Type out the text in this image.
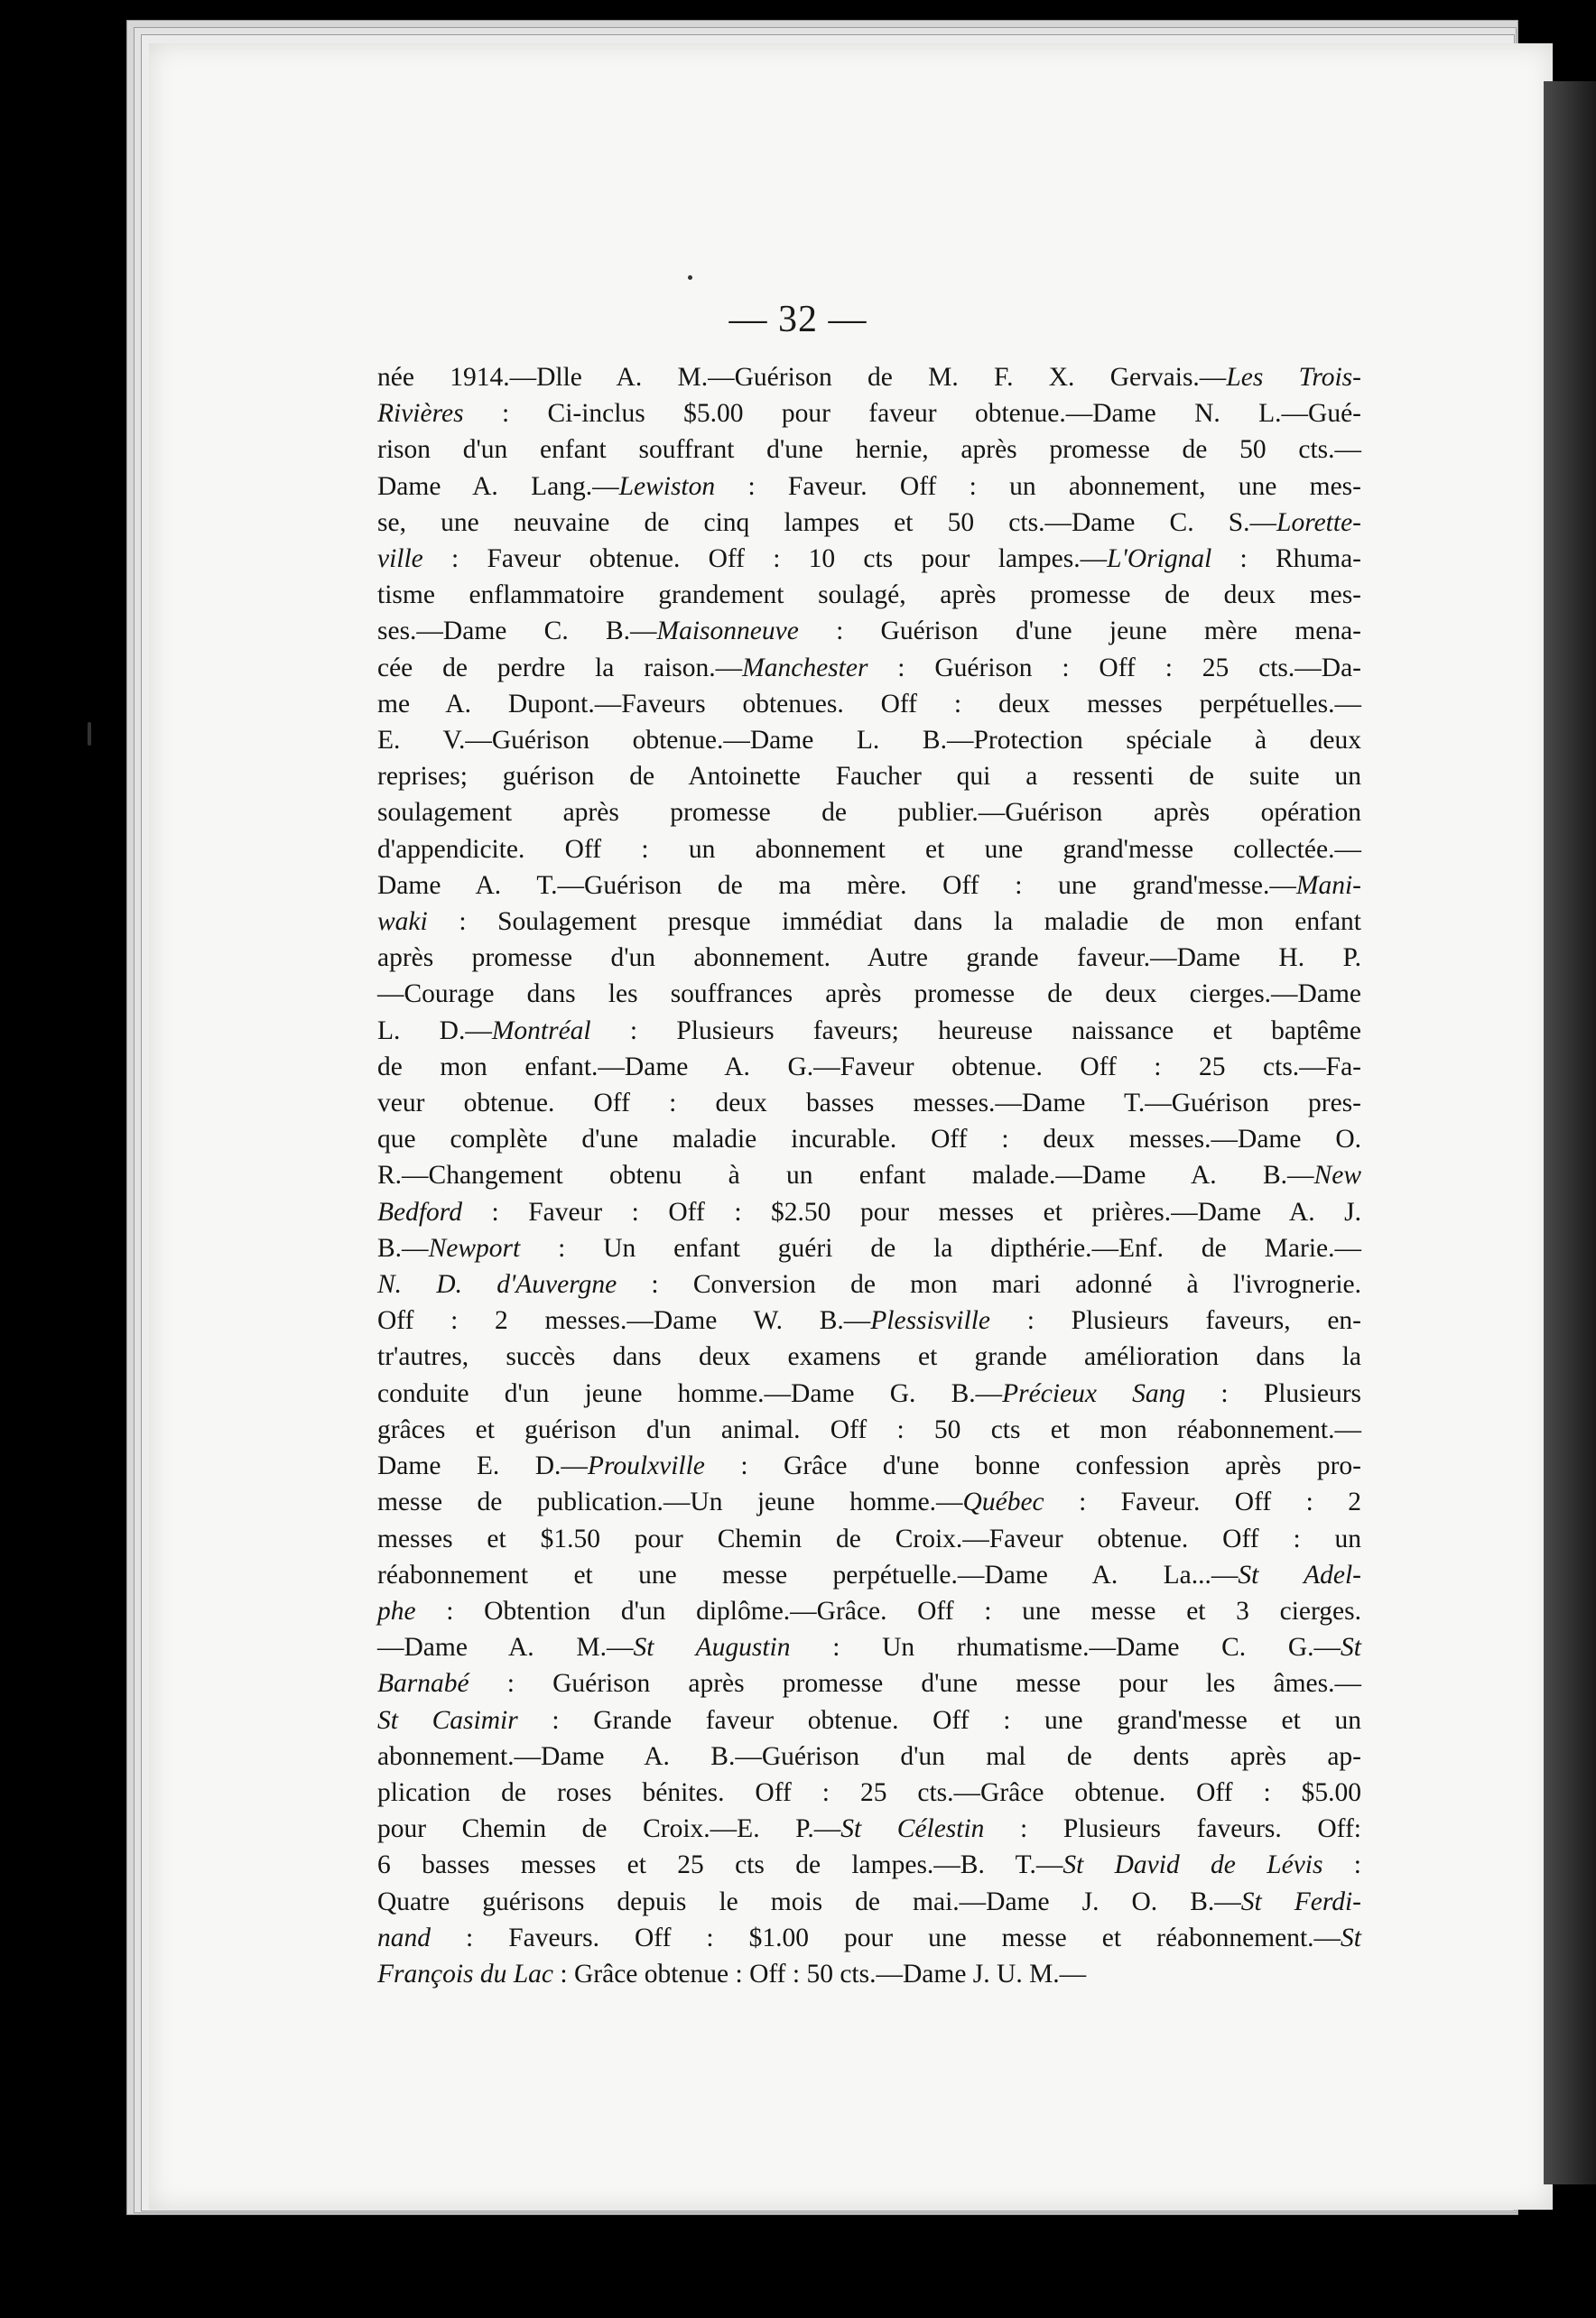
— 32 —
née 1914.—Dlle A. M.—Guérison de M. F. X. Gervais.—Les Trois-
Rivières : Ci-inclus $5.00 pour faveur obtenue.—Dame N. L.—Gué-
rison d'un enfant souffrant d'une hernie, après promesse de 50 cts.—
Dame A. Lang.—Lewiston : Faveur. Off : un abonnement, une mes-
se, une neuvaine de cinq lampes et 50 cts.—Dame C. S.—Lorette-
ville : Faveur obtenue. Off : 10 cts pour lampes.—L'Orignal : Rhuma-
tisme enflammatoire grandement soulagé, après promesse de deux mes-
ses.—Dame C. B.—Maisonneuve : Guérison d'une jeune mère mena-
cée de perdre la raison.—Manchester : Guérison : Off : 25 cts.—Da-
me A. Dupont.—Faveurs obtenues. Off : deux messes perpétuelles.—
E. V.—Guérison obtenue.—Dame L. B.—Protection spéciale à deux
reprises; guérison de Antoinette Faucher qui a ressenti de suite un
soulagement après promesse de publier.—Guérison après opération
d'appendicite. Off : un abonnement et une grand'messe collectée.—
Dame A. T.—Guérison de ma mère. Off : une grand'messe.—Mani-
waki : Soulagement presque immédiat dans la maladie de mon enfant
après promesse d'un abonnement. Autre grande faveur.—Dame H. P.
—Courage dans les souffrances après promesse de deux cierges.—Dame
L. D.—Montréal : Plusieurs faveurs; heureuse naissance et baptême
de mon enfant.—Dame A. G.—Faveur obtenue. Off : 25 cts.—Fa-
veur obtenue. Off : deux basses messes.—Dame T.—Guérison pres-
que complète d'une maladie incurable. Off : deux messes.—Dame O.
R.—Changement obtenu à un enfant malade.—Dame A. B.—New
Bedford : Faveur : Off : $2.50 pour messes et prières.—Dame A. J.
B.—Newport : Un enfant guéri de la dipthérie.—Enf. de Marie.—
N. D. d'Auvergne : Conversion de mon mari adonné à l'ivrognerie.
Off : 2 messes.—Dame W. B.—Plessisville : Plusieurs faveurs, en-
tr'autres, succès dans deux examens et grande amélioration dans la
conduite d'un jeune homme.—Dame G. B.—Précieux Sang : Plusieurs
grâces et guérison d'un animal. Off : 50 cts et mon réabonnement.—
Dame E. D.—Proulxville : Grâce d'une bonne confession après pro-
messe de publication.—Un jeune homme.—Québec : Faveur. Off : 2
messes et $1.50 pour Chemin de Croix.—Faveur obtenue. Off : un
réabonnement et une messe perpétuelle.—Dame A. La...—St Adel-
phe : Obtention d'un diplôme.—Grâce. Off : une messe et 3 cierges.
—Dame A. M.—St Augustin : Un rhumatisme.—Dame C. G.—St
Barnabé : Guérison après promesse d'une messe pour les âmes.—
St Casimir : Grande faveur obtenue. Off : une grand'messe et un
abonnement.—Dame A. B.—Guérison d'un mal de dents après ap-
plication de roses bénites. Off : 25 cts.—Grâce obtenue. Off : $5.00
pour Chemin de Croix.—E. P.—St Célestin : Plusieurs faveurs. Off:
6 basses messes et 25 cts de lampes.—B. T.—St David de Lévis :
Quatre guérisons depuis le mois de mai.—Dame J. O. B.—St Ferdi-
nand : Faveurs. Off : $1.00 pour une messe et réabonnement.—St
François du Lac : Grâce obtenue : Off : 50 cts.—Dame J. U. M.—
